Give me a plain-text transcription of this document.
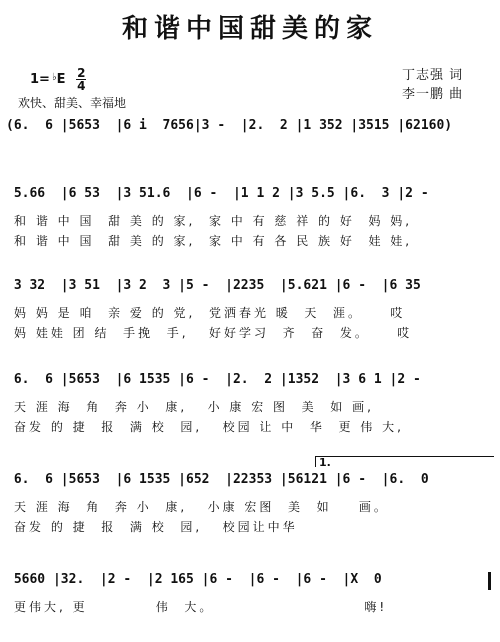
和谐中国甜美的家
$1= ^♭E \frac{2}{4}$
欢快、甜美、幸福地
丁志强 词
李一鹏 曲
(6.  6 |5653  |6 i  7656|3 -  |2.  2 |1 352 |3515 |62160)
5.66  |6 53  |3 51.6  |6 -  |1 1 2 |3 5.5 |6.  3 |2 -
和 谐 中 国  甜 美 的 家,  家 中 有 慈 祥 的 好  妈 妈,
和 谐 中 国  甜 美 的 家,  家 中 有 各 民 族 好  娃 娃,
3 32  |3 51  |3 2  3 |5 -  |2235  |5.621 |6 -  |6 35
妈 妈 是 咱  亲 爱 的 党,  党洒春光 暖  天  涯。    哎
妈 娃娃 团 结  手挽  手,   好好学习  齐  奋  发。    哎
6.  6 |5653  |6 1535 |6 -  |2.  2 |1352  |3 6 1 |2 -
天 涯 海  角  奔 小  康,   小 康 宏 图  美  如 画,
奋发 的 捷  报  满 校  园,   校园 让 中  华  更 伟 大,
1.
6.  6 |5653  |6 1535 |652  |22353 |56121 |6 -  |6.  0
天 涯 海  角  奔 小  康,   小康 宏图  美  如    画。
奋发 的 捷  报  满 校  园,   校园让中华
5660 |32.  |2 -  |2 165 |6 -  |6 -  |6 -  |X  0
更伟大, 更          伟  大。                      嗨!
